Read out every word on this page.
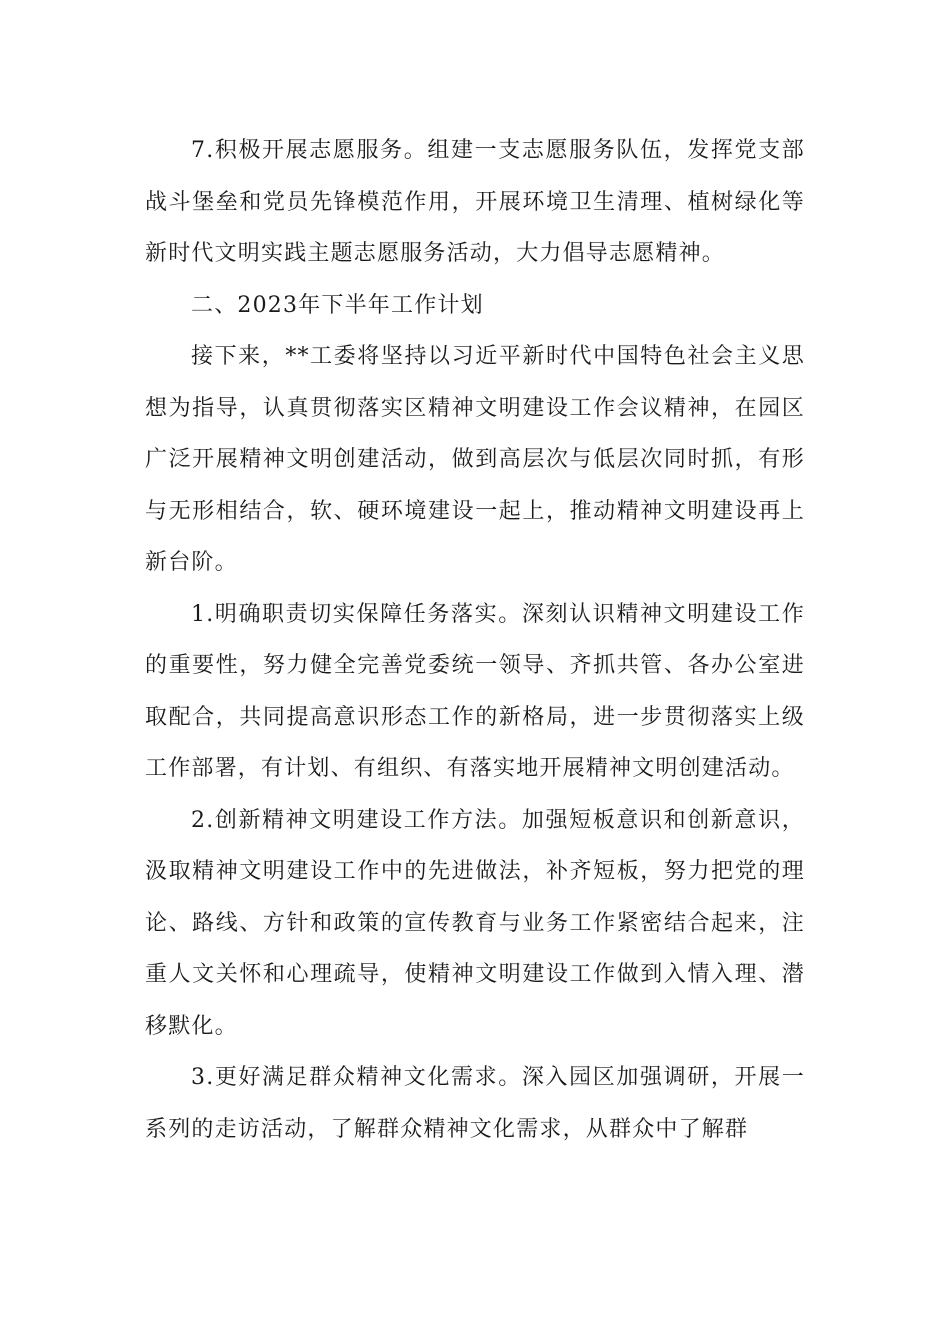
7.积极开展志愿服务。组建一支志愿服务队伍，发挥党支部战斗堡垒和党员先锋模范作用，开展环境卫生清理、植树绿化等新时代文明实践主题志愿服务活动，大力倡导志愿精神。

二、2023年下半年工作计划

接下来，**工委将坚持以习近平新时代中国特色社会主义思想为指导，认真贯彻落实区精神文明建设工作会议精神，在园区广泛开展精神文明创建活动，做到高层次与低层次同时抓，有形与无形相结合，软、硬环境建设一起上，推动精神文明建设再上新台阶。

1.明确职责切实保障任务落实。深刻认识精神文明建设工作的重要性，努力健全完善党委统一领导、齐抓共管、各办公室进取配合，共同提高意识形态工作的新格局，进一步贯彻落实上级工作部署，有计划、有组织、有落实地开展精神文明创建活动。

2.创新精神文明建设工作方法。加强短板意识和创新意识，汲取精神文明建设工作中的先进做法，补齐短板，努力把党的理论、路线、方针和政策的宣传教育与业务工作紧密结合起来，注重人文关怀和心理疏导，使精神文明建设工作做到入情入理、潜移默化。

3.更好满足群众精神文化需求。深入园区加强调研，开展一系列的走访活动，了解群众精神文化需求，从群众中了解群
